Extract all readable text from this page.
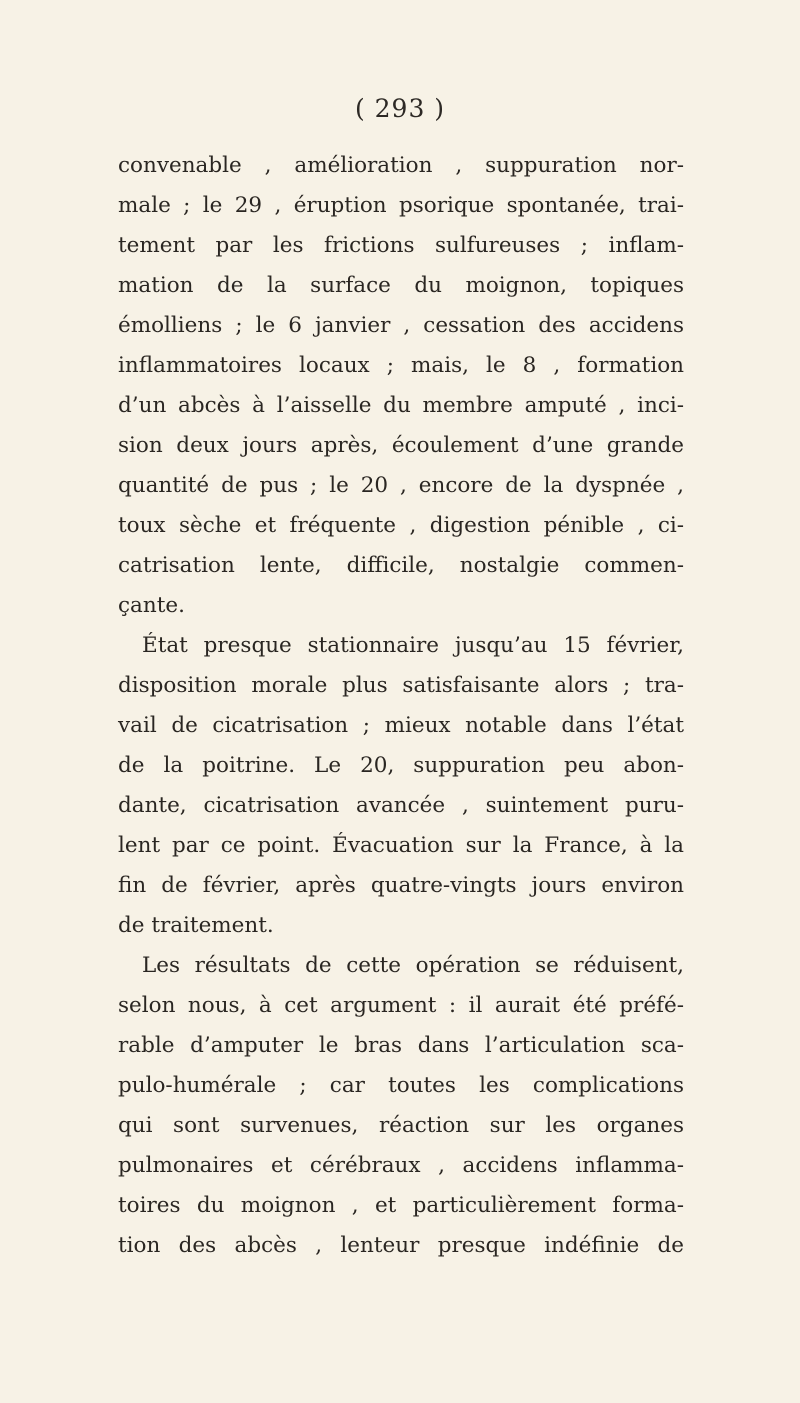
( 293 )
convenable , amélioration , suppuration nor-
male ; le 29 , éruption psorique spontanée, trai-
tement par les frictions sulfureuses ; inflam-
mation de la surface du moignon, topiques
émolliens ; le 6 janvier , cessation des accidens
inflammatoires locaux ; mais, le 8 , formation
d’un abcès à l’aisselle du membre amputé , inci-
sion deux jours après, écoulement d’une grande
quantité de pus ; le 20 , encore de la dyspnée ,
toux sèche et fréquente , digestion pénible , ci-
catrisation lente, difficile, nostalgie commen-
çante.
État presque stationnaire jusqu’au 15 février,
disposition morale plus satisfaisante alors ; tra-
vail de cicatrisation ; mieux notable dans l’état
de la poitrine. Le 20, suppuration peu abon-
dante, cicatrisation avancée , suintement puru-
lent par ce point. Évacuation sur la France, à la
fin de février, après quatre-vingts jours environ
de traitement.
Les résultats de cette opération se réduisent,
selon nous, à cet argument : il aurait été préfé-
rable d’amputer le bras dans l’articulation sca-
pulo-humérale ; car toutes les complications
qui sont survenues, réaction sur les organes
pulmonaires et cérébraux , accidens inflamma-
toires du moignon , et particulièrement forma-
tion des abcès , lenteur presque indéfinie de
